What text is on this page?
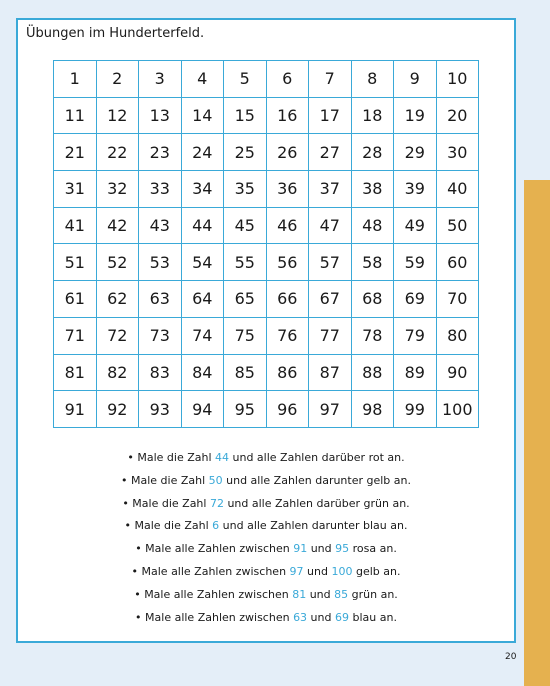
Übungen im Hunderterfeld.
1	2	3	4	5	6	7	8	9	10
11	12	13	14	15	16	17	18	19	20
21	22	23	24	25	26	27	28	29	30
31	32	33	34	35	36	37	38	39	40
41	42	43	44	45	46	47	48	49	50
51	52	53	54	55	56	57	58	59	60
61	62	63	64	65	66	67	68	69	70
71	72	73	74	75	76	77	78	79	80
81	82	83	84	85	86	87	88	89	90
91	92	93	94	95	96	97	98	99	100
• Male die Zahl 44 und alle Zahlen darüber rot an.
• Male die Zahl 50 und alle Zahlen darunter gelb an.
• Male die Zahl 72 und alle Zahlen darüber grün an.
• Male die Zahl 6 und alle Zahlen darunter blau an.
• Male alle Zahlen zwischen 91 und 95 rosa an.
• Male alle Zahlen zwischen 97 und 100 gelb an.
• Male alle Zahlen zwischen 81 und 85 grün an.
• Male alle Zahlen zwischen 63 und 69 blau an.
20
